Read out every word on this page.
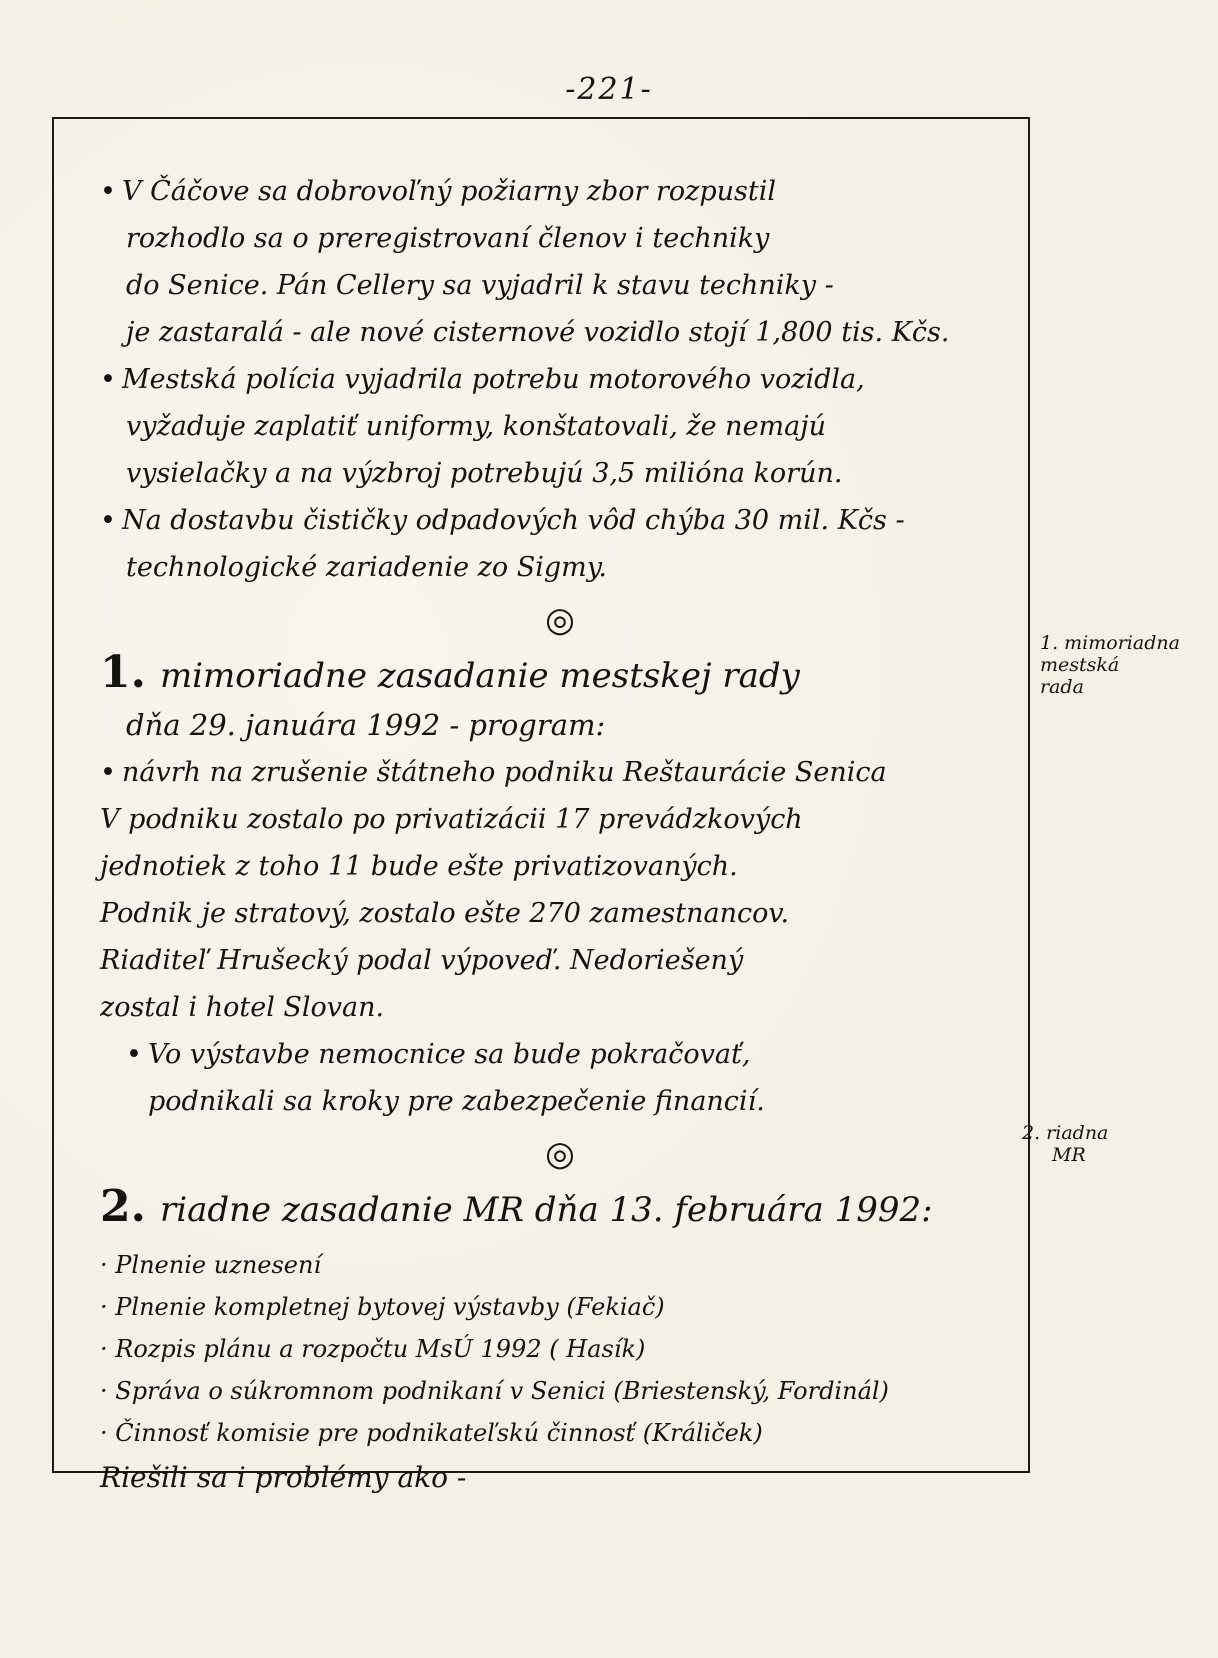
-221-
• V Čáčove sa dobrovoľný požiarny zbor rozpustil
rozhodlo sa o preregistrovaní členov i techniky
do Senice. Pán Cellery sa vyjadril k stavu techniky -
je zastaralá - ale nové cisternové vozidlo stojí 1,800 tis. Kčs.
• Mestská polícia vyjadrila potrebu motorového vozidla,
vyžaduje zaplatiť uniformy, konštatovali, že nemajú
vysielačky a na výzbroj potrebujú 3,5 milióna korún.
• Na dostavbu čističky odpadových vôd chýba 30 mil. Kčs -
technologické zariadenie zo Sigmy.
◎
1. mimoriadne zasadanie mestskej rady
dňa 29. januára 1992 - program:
• návrh na zrušenie štátneho podniku Reštaurácie Senica
V podniku zostalo po privatizácii 17 prevádzkových
jednotiek z toho 11 bude ešte privatizovaných.
Podnik je stratový, zostalo ešte 270 zamestnancov.
Riaditeľ Hrušecký podal výpoveď. Nedoriešený
zostal i hotel Slovan.
• Vo výstavbe nemocnice sa bude pokračovať,
podnikali sa kroky pre zabezpečenie financií.
◎
2. riadne zasadanie MR dňa 13. februára 1992:
· Plnenie uznesení
· Plnenie kompletnej bytovej výstavby (Fekiač)
· Rozpis plánu a rozpočtu MsÚ 1992 ( Hasík)
· Správa o súkromnom podnikaní v Senici (Briestenský, Fordinál)
· Činnosť komisie pre podnikateľskú činnosť (Králiček)
Riešili sa i problémy ako -
1. mimoriadna
mestská
rada
2. riadna
MR
